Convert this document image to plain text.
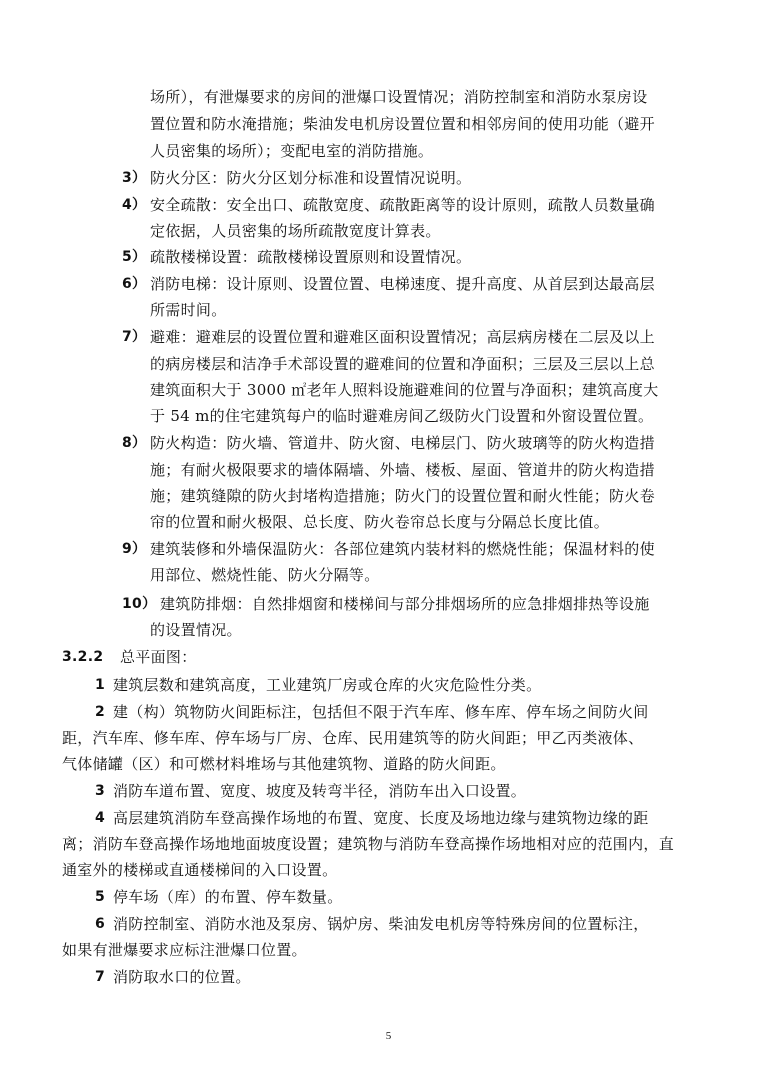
场所），有泄爆要求的房间的泄爆口设置情况；消防控制室和消防水泵房设
置位置和防水淹措施；柴油发电机房设置位置和相邻房间的使用功能（避开
人员密集的场所）；变配电室的消防措施。
3） 防火分区：防火分区划分标准和设置情况说明。
4） 安全疏散：安全出口、疏散宽度、疏散距离等的设计原则，疏散人员数量确
定依据，人员密集的场所疏散宽度计算表。
5） 疏散楼梯设置：疏散楼梯设置原则和设置情况。
6） 消防电梯：设计原则、设置位置、电梯速度、提升高度、从首层到达最高层
所需时间。
7） 避难：避难层的设置位置和避难区面积设置情况；高层病房楼在二层及以上
的病房楼层和洁净手术部设置的避难间的位置和净面积；三层及三层以上总
建筑面积大于 3000 ㎡老年人照料设施避难间的位置与净面积；建筑高度大
于 54 m的住宅建筑每户的临时避难房间乙级防火门设置和外窗设置位置。
8） 防火构造：防火墙、管道井、防火窗、电梯层门、防火玻璃等的防火构造措
施；有耐火极限要求的墙体隔墙、外墙、楼板、屋面、管道井的防火构造措
施；建筑缝隙的防火封堵构造措施；防火门的设置位置和耐火性能；防火卷
帘的位置和耐火极限、总长度、防火卷帘总长度与分隔总长度比值。
9） 建筑装修和外墙保温防火：各部位建筑内装材料的燃烧性能；保温材料的使
用部位、燃烧性能、防火分隔等。
10） 建筑防排烟：自然排烟窗和楼梯间与部分排烟场所的应急排烟排热等设施
的设置情况。
3.2.2 总平面图：
1 建筑层数和建筑高度，工业建筑厂房或仓库的火灾危险性分类。
2 建（构）筑物防火间距标注，包括但不限于汽车库、修车库、停车场之间防火间
距，汽车库、修车库、停车场与厂房、仓库、民用建筑等的防火间距；甲乙丙类液体、
气体储罐（区）和可燃材料堆场与其他建筑物、道路的防火间距。
3 消防车道布置、宽度、坡度及转弯半径，消防车出入口设置。
4 高层建筑消防车登高操作场地的布置、宽度、长度及场地边缘与建筑物边缘的距
离；消防车登高操作场地地面坡度设置；建筑物与消防车登高操作场地相对应的范围内，直
通室外的楼梯或直通楼梯间的入口设置。
5 停车场（库）的布置、停车数量。
6 消防控制室、消防水池及泵房、锅炉房、柴油发电机房等特殊房间的位置标注，
如果有泄爆要求应标注泄爆口位置。
7 消防取水口的位置。
5
